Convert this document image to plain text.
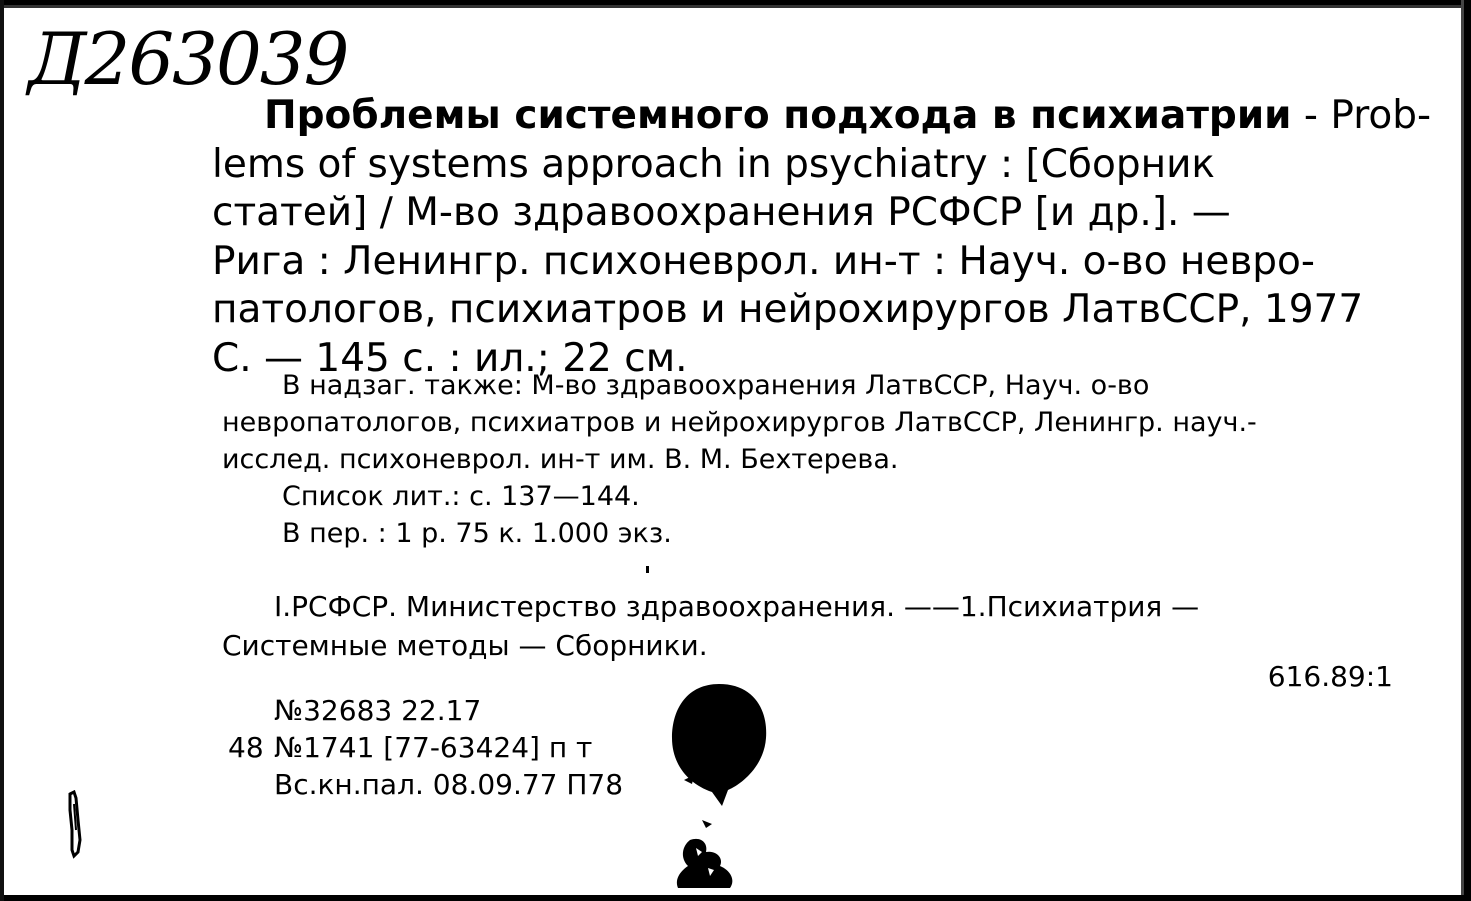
Д263039
Проблемы системного подхода в психиатрии - Prob-
lems of systems approach in psychiatry : [Сборник
статей] / М-во здравоохранения РСФСР [и др.]. —
Рига : Ленингр. психоневрол. ин-т : Науч. о-во невро-
патологов, психиатров и нейрохирургов ЛатвССР, 1977
С. — 145 с. : ил.; 22 см.
В надзаг. также: М-во здравоохранения ЛатвССР, Науч. о-во
невропатологов, психиатров и нейрохирургов ЛатвССР, Ленингр. науч.-
исслед. психоневрол. ин-т им. В. М. Бехтерева.
Список лит.: с. 137—144.
В пер. : 1 р. 75 к. 1.000 экз.
I.РСФСР. Министерство здравоохранения. ——1.Психиатрия —
Системные методы — Сборники.
616.89:1
№32683 22.17
48 №1741 [77-63424] п т
Вс.кн.пал. 08.09.77 П78
